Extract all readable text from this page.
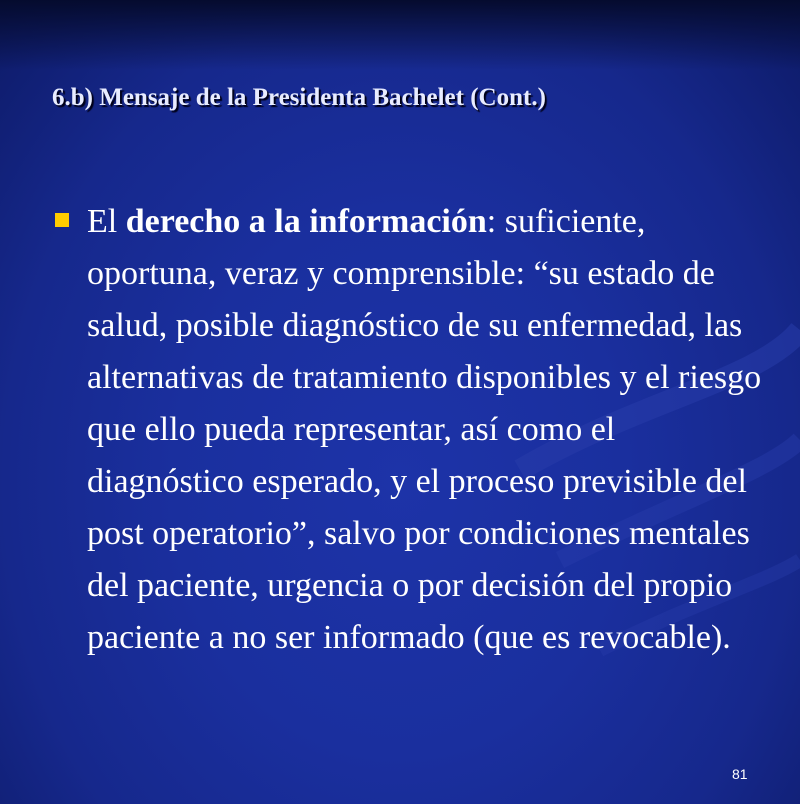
6.b) Mensaje de la Presidenta Bachelet (Cont.)

El derecho a la información: suficiente, oportuna, veraz y comprensible: “su estado de salud, posible diagnóstico de su enfermedad, las alternativas de tratamiento disponibles y el riesgo que ello pueda representar, así como el diagnóstico esperado, y el proceso previsible del post operatorio”, salvo por condiciones mentales del paciente, urgencia o por decisión del propio paciente a no ser informado (que es revocable).

81
